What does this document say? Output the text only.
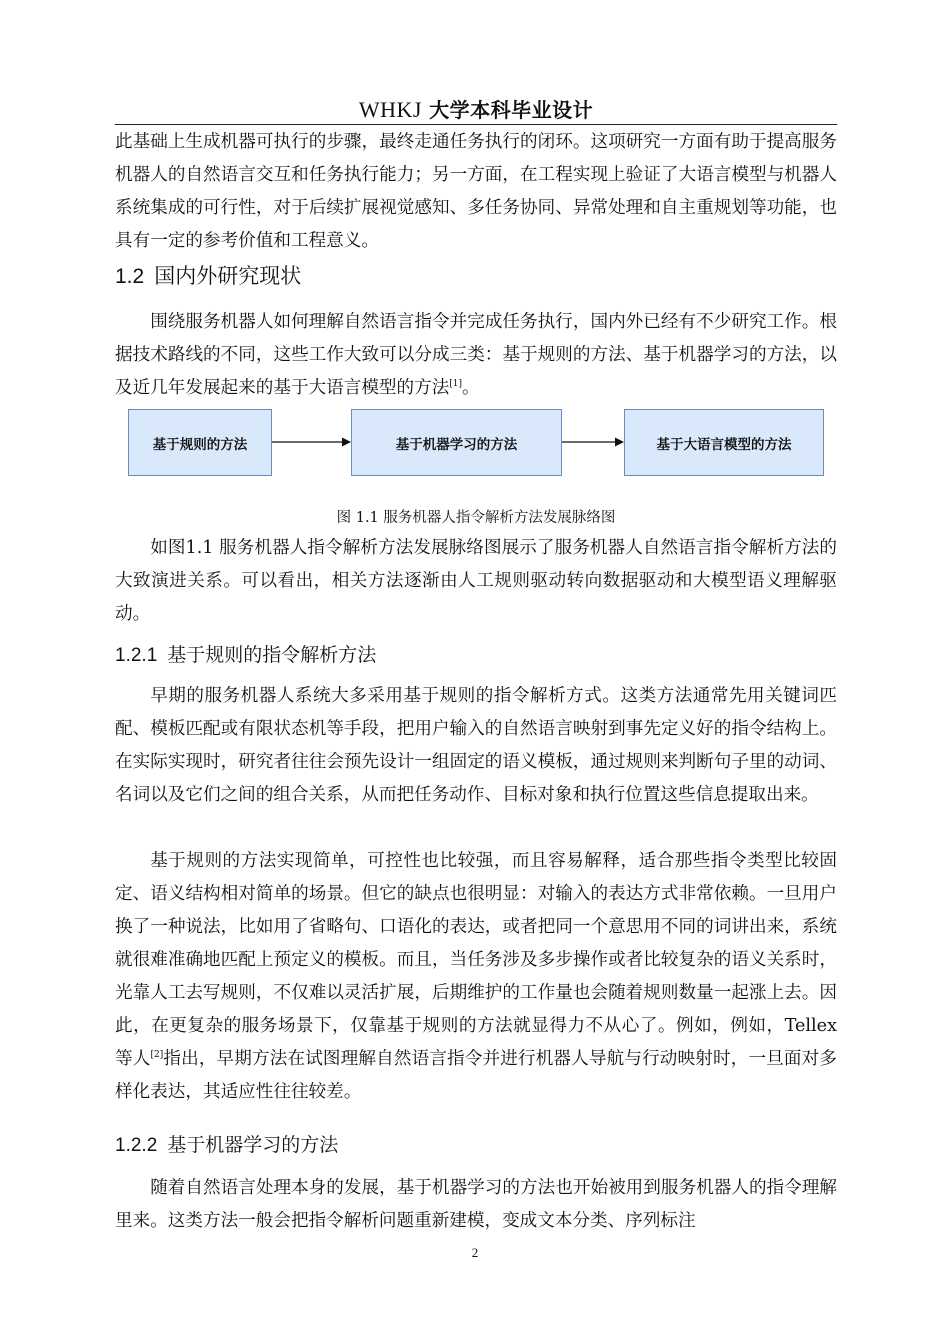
WHKJ 大学本科毕业设计

此基础上生成机器可执行的步骤，最终走通任务执行的闭环。这项研究一方面有助于提高服务机器人的自然语言交互和任务执行能力；另一方面，在工程实现上验证了大语言模型与机器人系统集成的可行性，对于后续扩展视觉感知、多任务协同、异常处理和自主重规划等功能，也具有一定的参考价值和工程意义。

1.2 国内外研究现状

围绕服务机器人如何理解自然语言指令并完成任务执行，国内外已经有不少研究工作。根据技术路线的不同，这些工作大致可以分成三类：基于规则的方法、基于机器学习的方法，以及近几年发展起来的基于大语言模型的方法[1]。

基于规则的方法	基于机器学习的方法	基于大语言模型的方法

图 1.1 服务机器人指令解析方法发展脉络图

如图1.1 服务机器人指令解析方法发展脉络图展示了服务机器人自然语言指令解析方法的大致演进关系。可以看出，相关方法逐渐由人工规则驱动转向数据驱动和大模型语义理解驱动。

1.2.1 基于规则的指令解析方法

早期的服务机器人系统大多采用基于规则的指令解析方式。这类方法通常先用关键词匹配、模板匹配或有限状态机等手段，把用户输入的自然语言映射到事先定义好的指令结构上。在实际实现时，研究者往往会预先设计一组固定的语义模板，通过规则来判断句子里的动词、名词以及它们之间的组合关系，从而把任务动作、目标对象和执行位置这些信息提取出来。

基于规则的方法实现简单，可控性也比较强，而且容易解释，适合那些指令类型比较固定、语义结构相对简单的场景。但它的缺点也很明显：对输入的表达方式非常依赖。一旦用户换了一种说法，比如用了省略句、口语化的表达，或者把同一个意思用不同的词讲出来，系统就很难准确地匹配上预定义的模板。而且，当任务涉及多步操作或者比较复杂的语义关系时，光靠人工去写规则，不仅难以灵活扩展，后期维护的工作量也会随着规则数量一起涨上去。因此，在更复杂的服务场景下，仅靠基于规则的方法就显得力不从心了。例如，例如，Tellex 等人[2]指出，早期方法在试图理解自然语言指令并进行机器人导航与行动映射时，一旦面对多样化表达，其适应性往往较差。

1.2.2 基于机器学习的方法

随着自然语言处理本身的发展，基于机器学习的方法也开始被用到服务机器人的指令理解里来。这类方法一般会把指令解析问题重新建模，变成文本分类、序列标注

2
